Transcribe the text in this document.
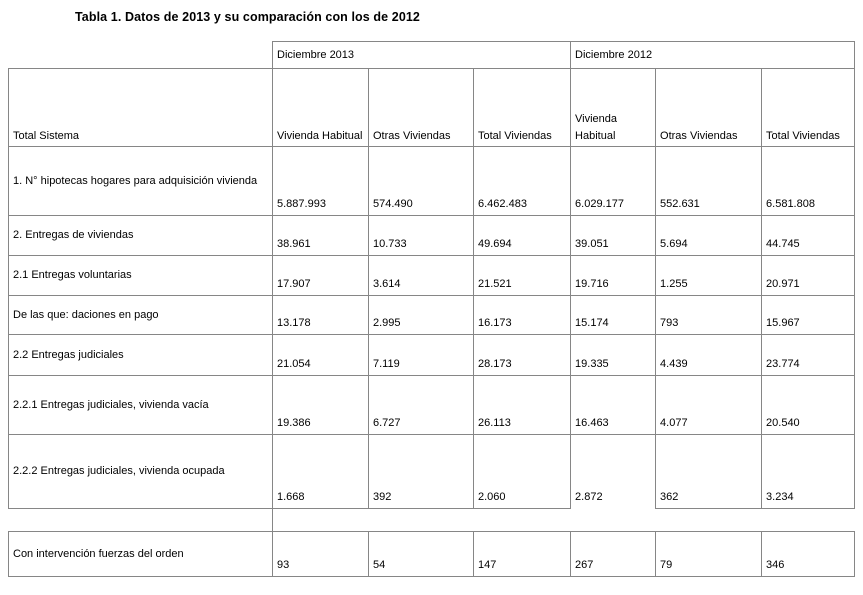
Tabla 1. Datos de 2013 y su comparación con los de 2012
	Diciembre 2013			Diciembre 2012		
Total Sistema	Vivienda Habitual	Otras Viviendas	Total Viviendas	Vivienda Habitual	Otras Viviendas	Total Viviendas
1. N° hipotecas hogares para adquisición vivienda	5.887.993	574.490	6.462.483	6.029.177	552.631	6.581.808
2. Entregas de viviendas	38.961	10.733	49.694	39.051	5.694	44.745
2.1 Entregas voluntarias	17.907	3.614	21.521	19.716	1.255	20.971
De las que: daciones en pago	13.178	2.995	16.173	15.174	793	15.967
2.2 Entregas judiciales	21.054	7.119	28.173	19.335	4.439	23.774
2.2.1 Entregas judiciales, vivienda vacía	19.386	6.727	26.113	16.463	4.077	20.540
2.2.2 Entregas judiciales, vivienda ocupada	1.668	392	2.060	2.872	362	3.234

Con intervención fuerzas del orden	93	54	147	267	79	346
